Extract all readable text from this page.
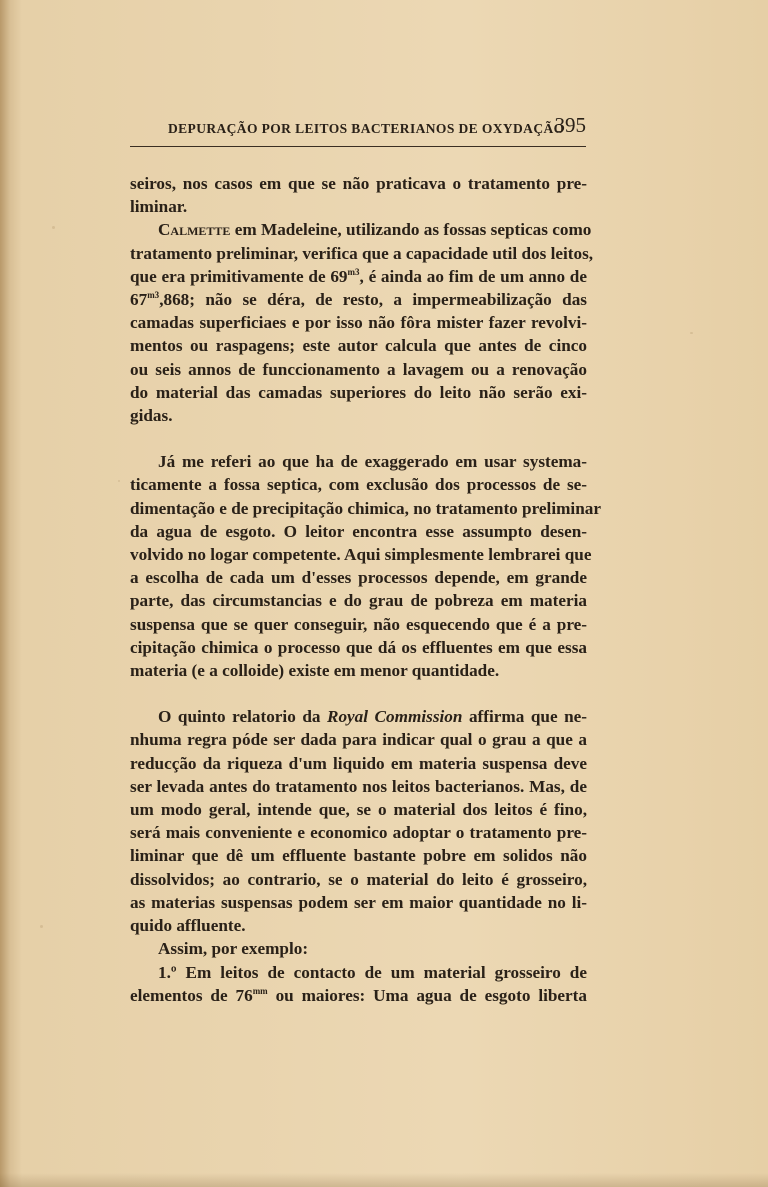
DEPURAÇÃO POR LEITOS BACTERIANOS DE OXYDAÇÃO
395
seiros, nos casos em que se não praticava o tratamento pre-
liminar.
Calmette em Madeleine, utilizando as fossas septicas como
tratamento preliminar, verifica que a capacidade util dos leitos,
que era primitivamente de $69^{m3}$, é ainda ao fim de um anno de
$67^{m3},868$; não se déra, de resto, a impermeabilização das
camadas superficiaes e por isso não fôra mister fazer revolvi-
mentos ou raspagens; este autor calcula que antes de cinco
ou seis annos de funccionamento a lavagem ou a renovação
do material das camadas superiores do leito não serão exi-
gidas.
Já me referi ao que ha de exaggerado em usar systema-
ticamente a fossa septica, com exclusão dos processos de se-
dimentação e de precipitação chimica, no tratamento preliminar
da agua de esgoto. O leitor encontra esse assumpto desen-
volvido no logar competente. Aqui simplesmente lembrarei que
a escolha de cada um d'esses processos depende, em grande
parte, das circumstancias e do grau de pobreza em materia
suspensa que se quer conseguir, não esquecendo que é a pre-
cipitação chimica o processo que dá os effluentes em que essa
materia (e a colloide) existe em menor quantidade.
O quinto relatorio da Royal Commission affirma que ne-
nhuma regra póde ser dada para indicar qual o grau a que a
reducção da riqueza d'um liquido em materia suspensa deve
ser levada antes do tratamento nos leitos bacterianos. Mas, de
um modo geral, intende que, se o material dos leitos é fino,
será mais conveniente e economico adoptar o tratamento pre-
liminar que dê um effluente bastante pobre em solidos não
dissolvidos; ao contrario, se o material do leito é grosseiro,
as materias suspensas podem ser em maior quantidade no li-
quido affluente.
Assim, por exemplo:
1.º Em leitos de contacto de um material grosseiro de
elementos de $76^{mm}$ ou maiores: Uma agua de esgoto liberta
